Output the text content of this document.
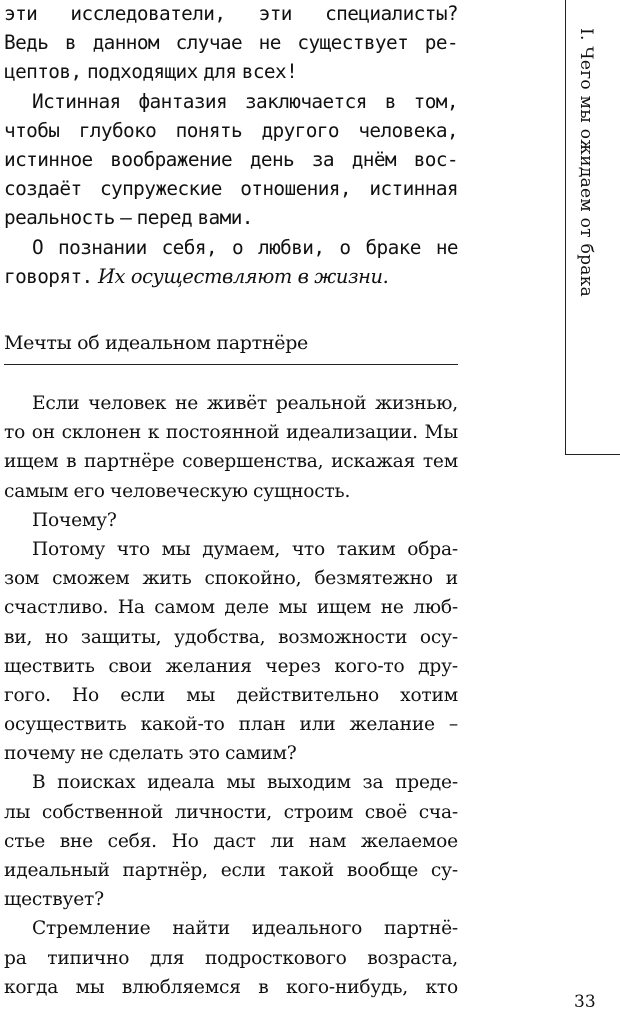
эти исследователи, эти специалисты?
Ведь в данном случае не существует ре-
цептов, подходящих для всех!
Истинная фантазия заключается в том,
чтобы глубоко понять другого человека,
истинное воображение день за днём вос-
создаёт супружеские отношения, истинная
реальность – перед вами.
О познании себя, о любви, о браке не
говорят. Их осуществляют в жизни.
Мечты об идеальном партнёре
Если человек не живёт реальной жизнью,
то он склонен к постоянной идеализации. Мы
ищем в партнёре совершенства, искажая тем
самым его человеческую сущность.
Почему?
Потому что мы думаем, что таким обра-
зом сможем жить спокойно, безмятежно и
счастливо. На самом деле мы ищем не люб-
ви, но защиты, удобства, возможности осу-
ществить свои желания через кого-то дру-
гого. Но если мы действительно хотим
осуществить какой-то план или желание –
почему не сделать это самим?
В поисках идеала мы выходим за преде-
лы собственной личности, строим своё сча-
стье вне себя. Но даст ли нам желаемое
идеальный партнёр, если такой вообще су-
ществует?
Стремление найти идеального партнё-
ра типично для подросткового возраста,
когда мы влюбляемся в кого-нибудь, кто
I. Чего мы ожидаем от брака
33
